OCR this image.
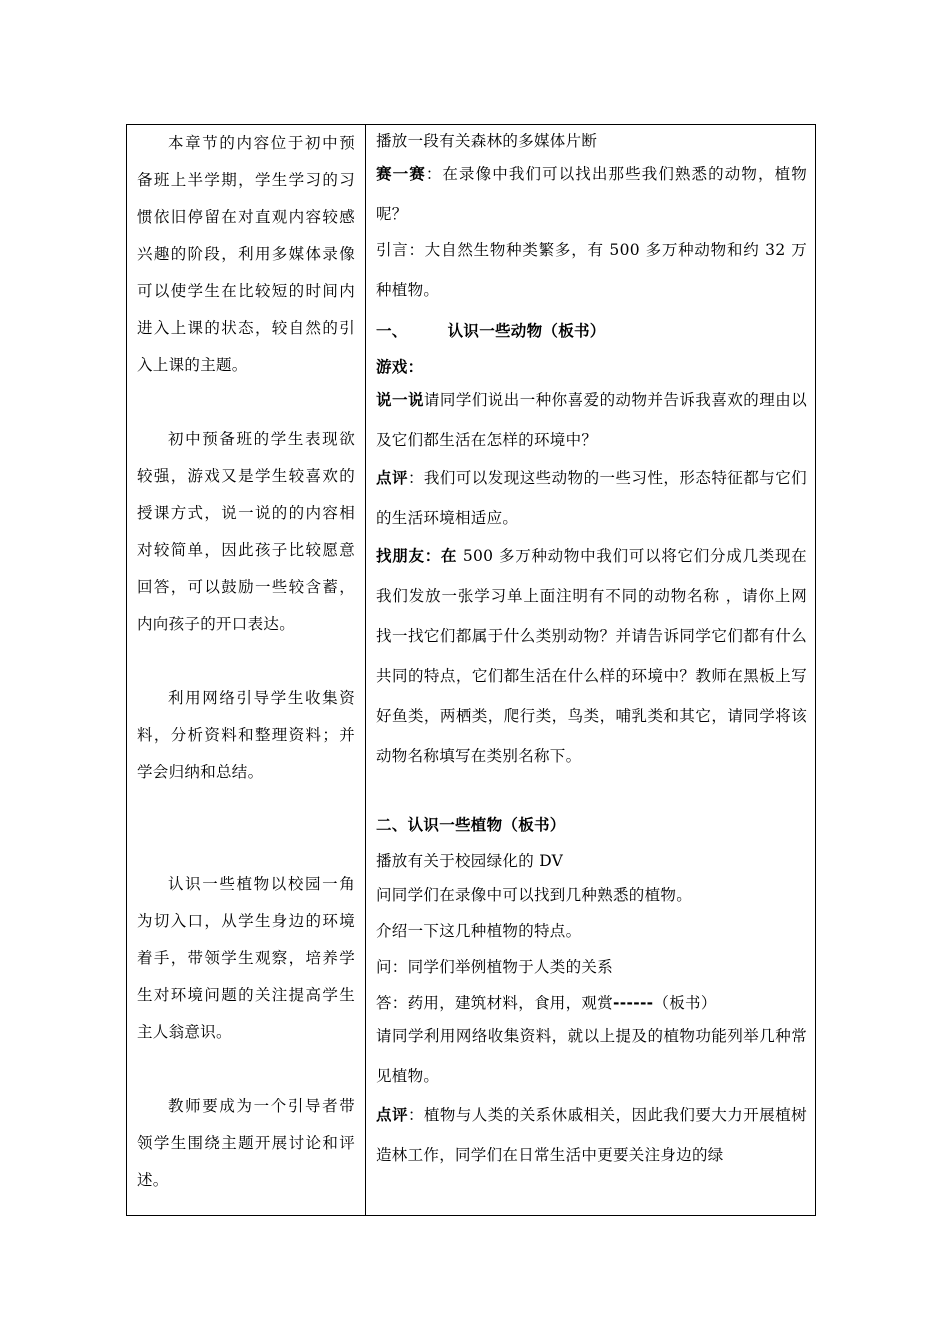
本章节的内容位于初中预备班上半学期，学生学习的习惯依旧停留在对直观内容较感兴趣的阶段，利用多媒体录像可以使学生在比较短的时间内进入上课的状态，较自然的引入上课的主题。

初中预备班的学生表现欲较强，游戏又是学生较喜欢的授课方式，说一说的的内容相对较简单，因此孩子比较愿意回答，可以鼓励一些较含蓄，内向孩子的开口表达。

利用网络引导学生收集资料，分析资料和整理资料；并学会归纳和总结。

认识一些植物以校园一角为切入口，从学生身边的环境着手，带领学生观察，培养学生对环境问题的关注提高学生主人翁意识。

教师要成为一个引导者带领学生围绕主题开展讨论和评述。

播放一段有关森林的多媒体片断

赛一赛：在录像中我们可以找出那些我们熟悉的动物，植物呢？

引言：大自然生物种类繁多，有 500 多万种动物和约 32 万种植物。

一、	认识一些动物（板书）

游戏：

说一说请同学们说出一种你喜爱的动物并告诉我喜欢的理由以及它们都生活在怎样的环境中？

点评：我们可以发现这些动物的一些习性，形态特征都与它们的生活环境相适应。

找朋友：在 500 多万种动物中我们可以将它们分成几类现在我们发放一张学习单上面注明有不同的动物名称 ，请你上网找一找它们都属于什么类别动物？并请告诉同学它们都有什么共同的特点，它们都生活在什么样的环境中？教师在黑板上写好鱼类，两栖类，爬行类，鸟类，哺乳类和其它，请同学将该动物名称填写在类别名称下。

二、认识一些植物（板书）

播放有关于校园绿化的 DV

问同学们在录像中可以找到几种熟悉的植物。

介绍一下这几种植物的特点。

问：同学们举例植物于人类的关系

答：药用，建筑材料，食用，观赏------（板书）

请同学利用网络收集资料，就以上提及的植物功能列举几种常见植物。

点评：植物与人类的关系休戚相关，因此我们要大力开展植树造林工作，同学们在日常生活中更要关注身边的绿
